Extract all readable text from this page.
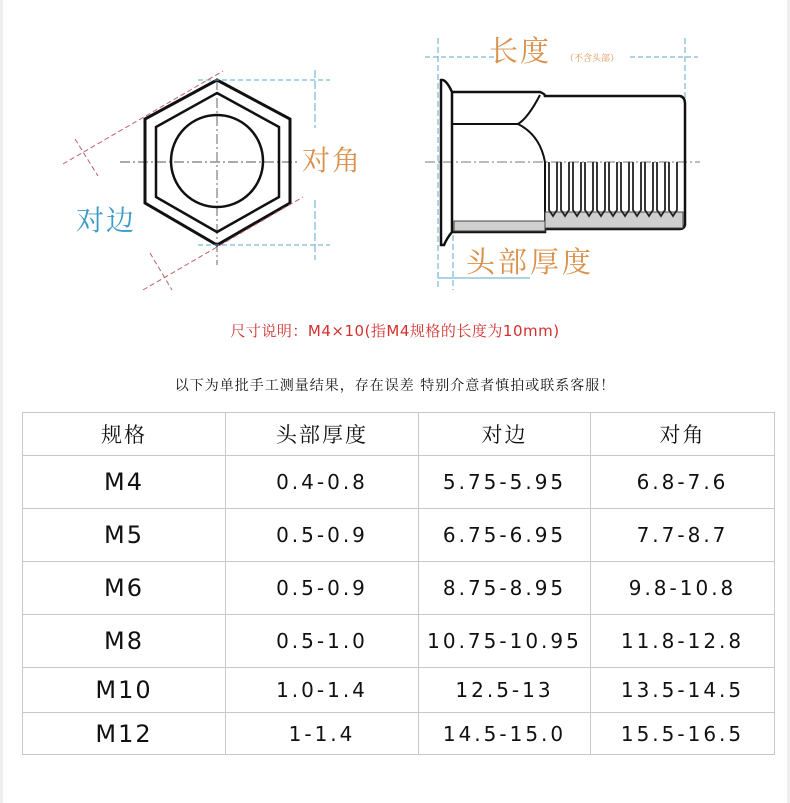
对角
对边
长度 （不含头部）
头部厚度
尺寸说明：M4×10(指M4规格的长度为10mm)
以下为单批手工测量结果，存在误差 特别介意者慎拍或联系客服！
规格	头部厚度	对边	对角
M4	0.4-0.8	5.75-5.95	6.8-7.6
M5	0.5-0.9	6.75-6.95	7.7-8.7
M6	0.5-0.9	8.75-8.95	9.8-10.8
M8	0.5-1.0	10.75-10.95	11.8-12.8
M10	1.0-1.4	12.5-13	13.5-14.5
M12	1-1.4	14.5-15.0	15.5-16.5
